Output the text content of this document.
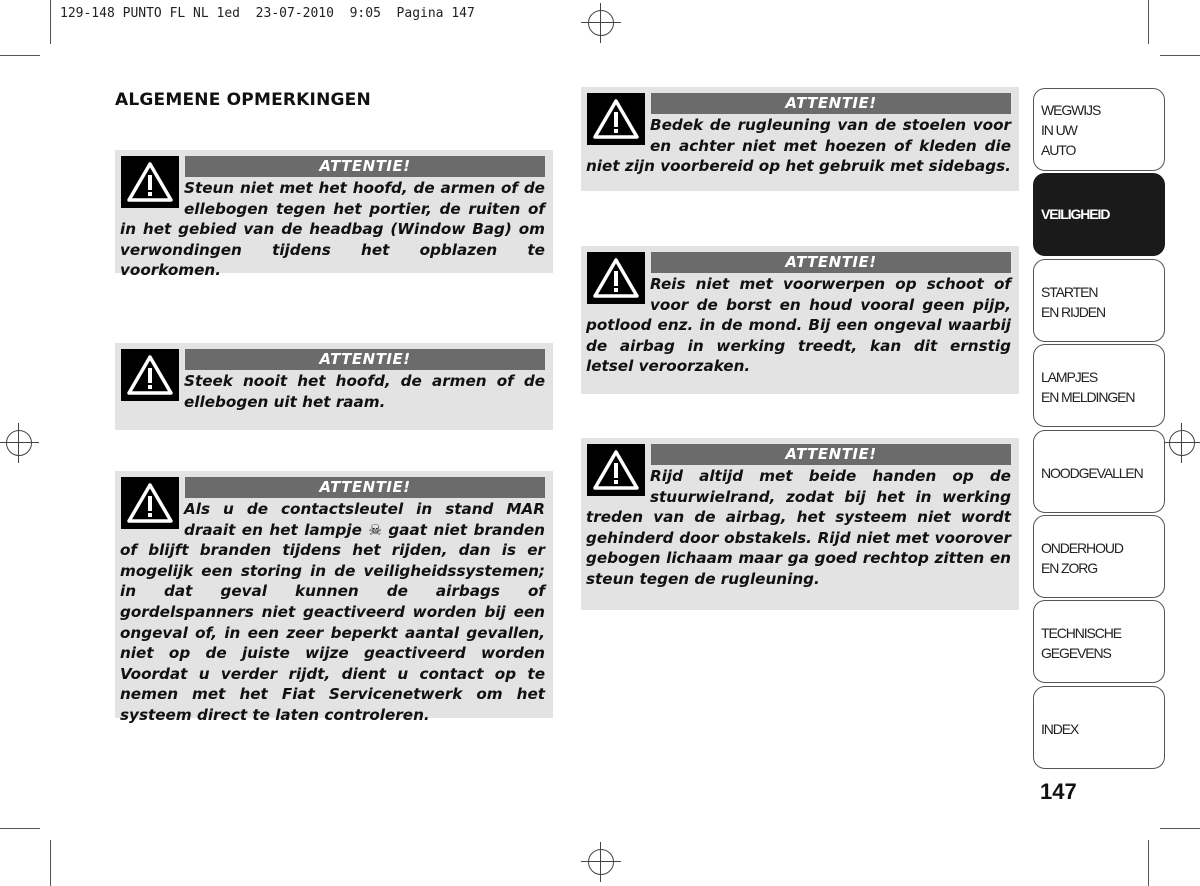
129-148 PUNTO FL NL 1ed  23-07-2010  9:05  Pagina 147
ALGEMENE OPMERKINGEN
ATTENTIE!
Steun niet met het hoofd, de armen of de ellebogen tegen het portier, de ruiten of in het gebied van de headbag (Window Bag) om verwondingen tijdens het opblazen te voorkomen.
ATTENTIE!
Steek nooit het hoofd, de armen of de ellebogen uit het raam.
ATTENTIE!
Als u de contactsleutel in stand MAR draait en het lampje ☠ gaat niet branden of blijft branden tijdens het rijden, dan is er mogelijk een storing in de veiligheidssystemen; in dat geval kunnen de airbags of gordelspanners niet geactiveerd worden bij een ongeval of, in een zeer beperkt aantal gevallen, niet op de juiste wijze geactiveerd worden Voordat u verder rijdt, dient u contact op te nemen met het Fiat Servicenetwerk om het systeem direct te laten controleren.
ATTENTIE!
Bedek de rugleuning van de stoelen voor en achter niet met hoezen of kleden die niet zijn voorbereid op het gebruik met sidebags.
ATTENTIE!
Reis niet met voorwerpen op schoot of voor de borst en houd vooral geen pijp, potlood enz. in de mond. Bij een ongeval waarbij de airbag in werking treedt, kan dit ernstig letsel veroorzaken.
ATTENTIE!
Rijd altijd met beide handen op de stuurwielrand, zodat bij het in werking treden van de airbag, het systeem niet wordt gehinderd door obstakels. Rijd niet met voorover gebogen lichaam maar ga goed rechtop zitten en steun tegen de rugleuning.
WEGWIJS
IN UW
AUTO
VEILIGHEID
STARTEN
EN RIJDEN
LAMPJES
EN MELDINGEN
NOODGEVALLEN
ONDERHOUD
EN ZORG
TECHNISCHE
GEGEVENS
INDEX
147
